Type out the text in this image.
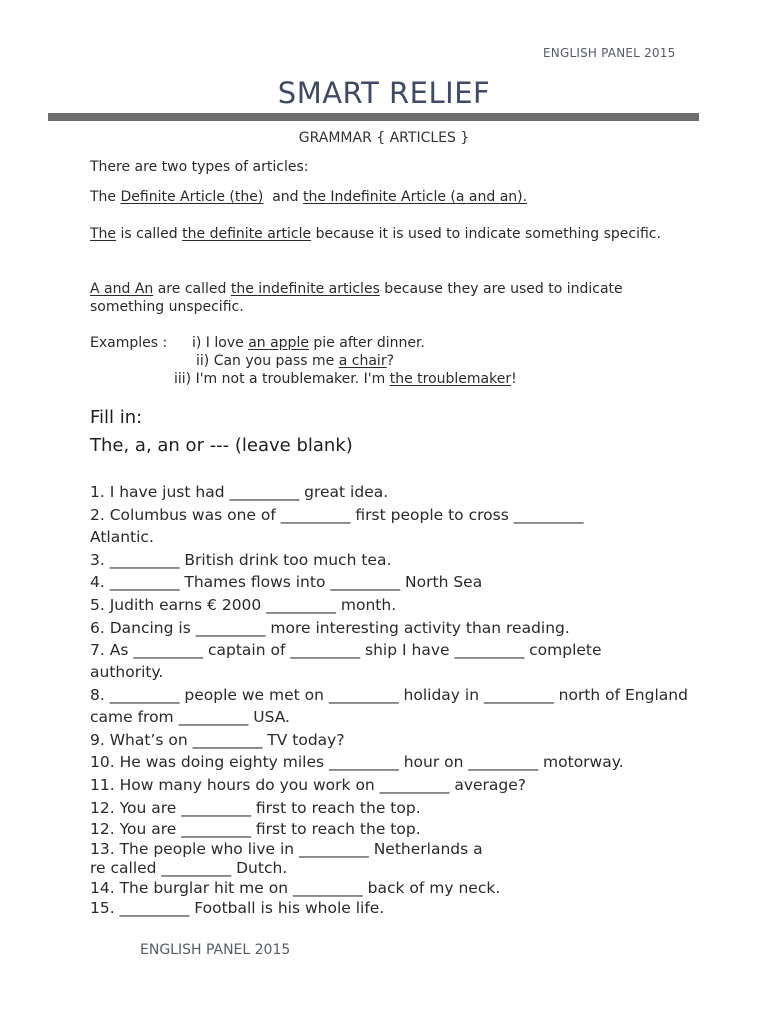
ENGLISH PANEL 2015
SMART RELIEF
GRAMMAR { ARTICLES }

There are two types of articles:

The Definite Article (the)  and the Indefinite Article (a and an).

The is called the definite article because it is used to indicate something specific.

A and An are called the indefinite articles because they are used to indicate something unspecific.

Examples : i) I love an apple pie after dinner.
ii) Can you pass me a chair?
iii) I'm not a troublemaker. I'm the troublemaker!
Fill in:
The, a, an or --- (leave blank)
1. I have just had _________ great idea.
2. Columbus was one of _________ first people to cross _________ Atlantic.
3. _________ British drink too much tea.
4. _________ Thames flows into _________ North Sea
5. Judith earns € 2000 _________ month.
6. Dancing is _________ more interesting activity than reading.
7. As _________ captain of _________ ship I have _________ complete authority.
8. _________ people we met on _________ holiday in _________ north of England came from _________ USA.
9. What’s on _________ TV today?
10. He was doing eighty miles _________ hour on _________ motorway.
11. How many hours do you work on _________ average?
12. You are _________ first to reach the top.
12. You are _________ first to reach the top.
13. The people who live in _________ Netherlands a
re called _________ Dutch.
14. The burglar hit me on _________ back of my neck.
15. _________ Football is his whole life.
ENGLISH PANEL 2015
